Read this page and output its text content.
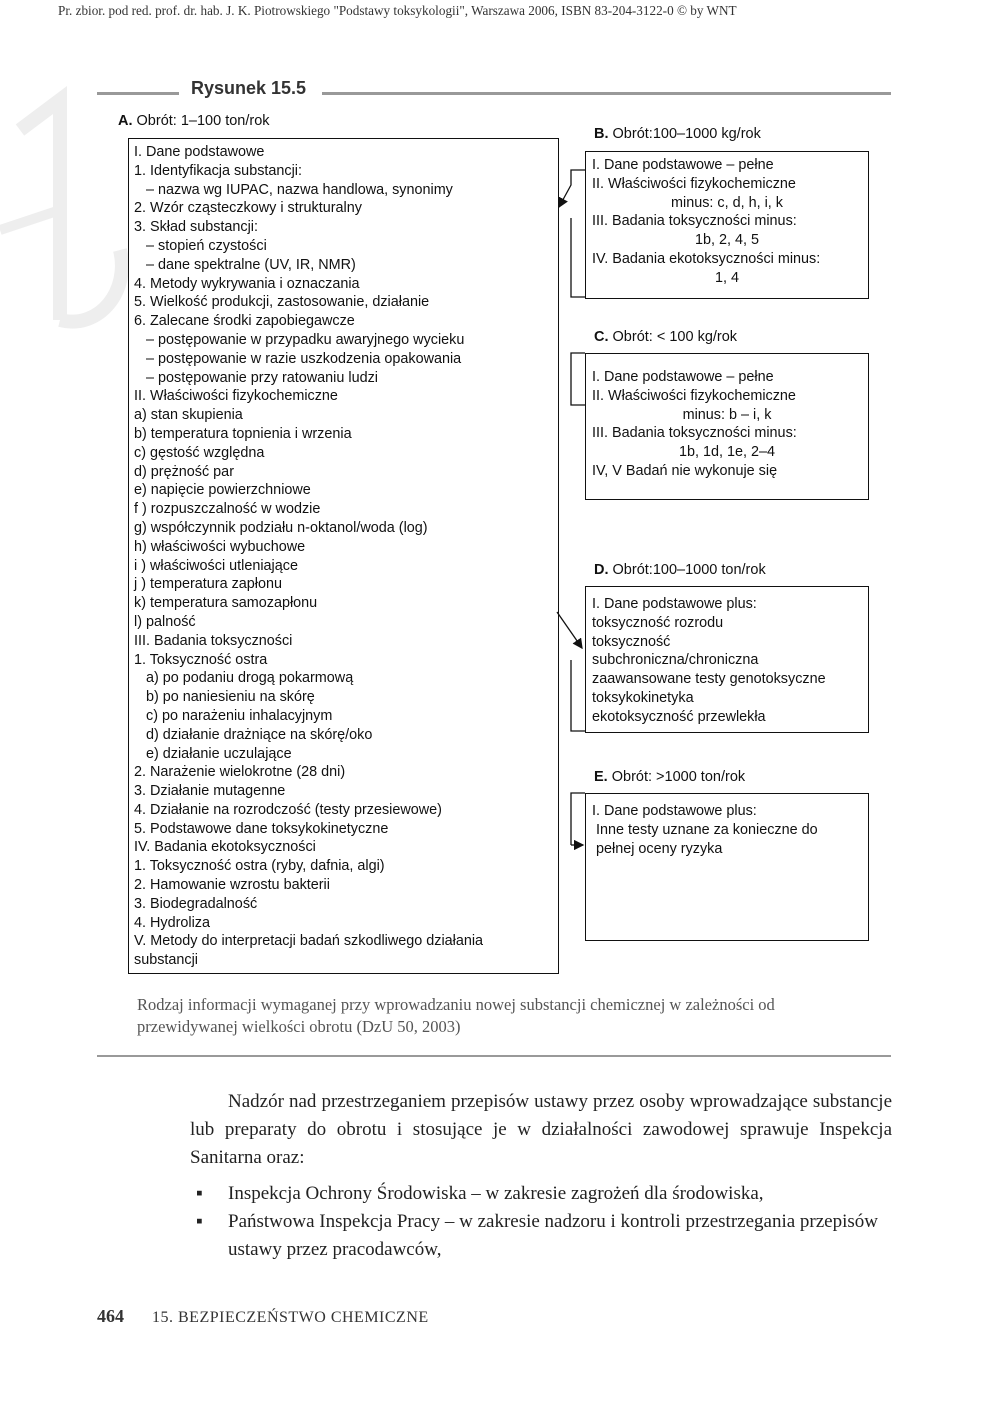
Pr. zbior. pod red. prof. dr. hab. J. K. Piotrowskiego "Podstawy toksykologii", Warszawa 2006, ISBN 83-204-3122-0 © by WNT
Rysunek 15.5
A. Obrót: 1–100 ton/rok
B. Obrót:100–1000 kg/rok
C. Obrót: < 100 kg/rok
D. Obrót:100–1000 ton/rok
E. Obrót: >1000 ton/rok
I. Dane podstawowe
1. Identyfikacja substancji:
– nazwa wg IUPAC, nazwa handlowa, synonimy
2. Wzór cząsteczkowy i strukturalny
3. Skład substancji:
– stopień czystości
– dane spektralne (UV, IR, NMR)
4. Metody wykrywania i oznaczania
5. Wielkość produkcji, zastosowanie, działanie
6. Zalecane środki zapobiegawcze
– postępowanie w przypadku awaryjnego wycieku
– postępowanie w razie uszkodzenia opakowania
– postępowanie przy ratowaniu ludzi
II. Właściwości fizykochemiczne
a) stan skupienia
b) temperatura topnienia i wrzenia
c) gęstość względna
d) prężność par
e) napięcie powierzchniowe
f ) rozpuszczalność w wodzie
g) współczynnik podziału n-oktanol/woda (log)
h) właściwości wybuchowe
i ) właściwości utleniające
j ) temperatura zapłonu
k) temperatura samozapłonu
l) palność
III. Badania toksyczności
1. Toksyczność ostra
a) po podaniu drogą pokarmową
b) po naniesieniu na skórę
c) po narażeniu inhalacyjnym
d) działanie drażniące na skórę/oko
e) działanie uczulające
2. Narażenie wielokrotne (28 dni)
3. Działanie mutagenne
4. Działanie na rozrodczość (testy przesiewowe)
5. Podstawowe dane toksykokinetyczne
IV. Badania ekotoksyczności
1. Toksyczność ostra (ryby, dafnia, algi)
2. Hamowanie wzrostu bakterii
3. Biodegradalność
4. Hydroliza
V. Metody do interpretacji badań szkodliwego działania
substancji
I. Dane podstawowe – pełne
II. Właściwości fizykochemiczne
minus: c, d, h, i, k
III. Badania toksyczności minus:
1b, 2, 4, 5
IV. Badania ekotoksyczności minus:
1, 4
I. Dane podstawowe – pełne
II. Właściwości fizykochemiczne
minus: b – i, k
III. Badania toksyczności minus:
1b, 1d, 1e, 2–4
IV, V Badań nie wykonuje się
I. Dane podstawowe plus:
toksyczność rozrodu
toksyczność
subchroniczna/chroniczna
zaawansowane testy genotoksyczne
toksykokinetyka
ekotoksyczność przewlekła
I. Dane podstawowe plus:
Inne testy uznane za konieczne do
pełnej oceny ryzyka
Rodzaj informacji wymaganej przy wprowadzaniu nowej substancji chemicznej w zależności od przewidywanej wielkości obrotu (DzU 50, 2003)

Nadzór nad przestrzeganiem przepisów ustawy przez osoby wprowadzające substancje lub preparaty do obrotu i stosujące je w działalności zawodowej sprawuje Inspekcja Sanitarna oraz:

▪ Inspekcja Ochrony Środowiska – w zakresie zagrożeń dla środowiska,
▪ Państwowa Inspekcja Pracy – w zakresie nadzoru i kontroli przestrzegania przepisów ustawy przez pracodawców,
464 15. BEZPIECZEŃSTWO CHEMICZNE
